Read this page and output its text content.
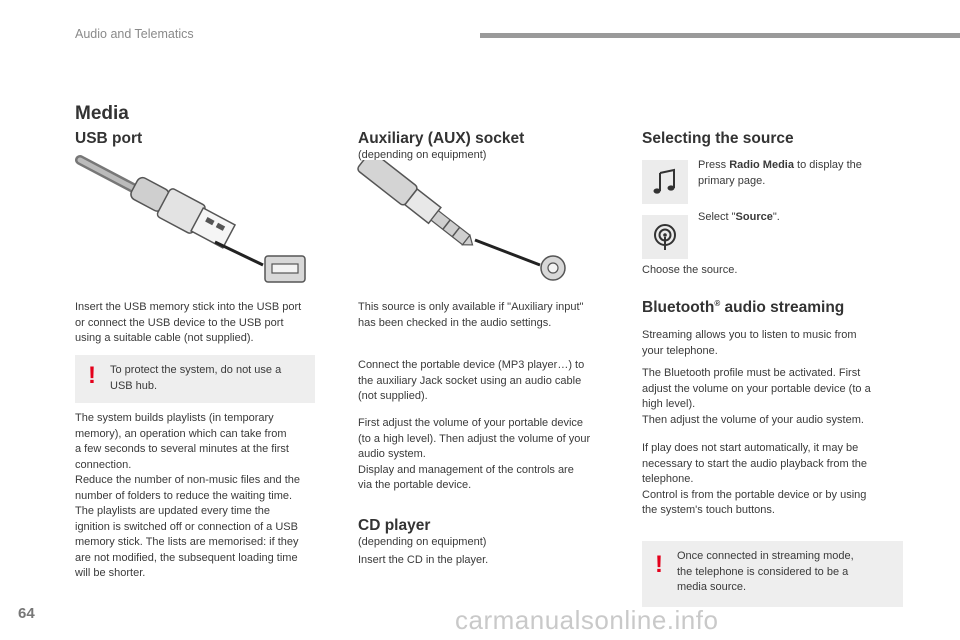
Audio and Telematics
Media
USB port
Insert the USB memory stick into the USB port
or connect the USB device to the USB port
using a suitable cable (not supplied).
! To protect the system, do not use a
USB hub.
The system builds playlists (in temporary
memory), an operation which can take from
a few seconds to several minutes at the first
connection.
Reduce the number of non-music files and the
number of folders to reduce the waiting time.
The playlists are updated every time the
ignition is switched off or connection of a USB
memory stick. The lists are memorised: if they
are not modified, the subsequent loading time
will be shorter.
Auxiliary (AUX) socket
(depending on equipment)
This source is only available if "Auxiliary input"
has been checked in the audio settings.
Connect the portable device (MP3 player…) to
the auxiliary Jack socket using an audio cable
(not supplied).
First adjust the volume of your portable device
(to a high level). Then adjust the volume of your
audio system.
Display and management of the controls are
via the portable device.
CD player
(depending on equipment)
Insert the CD in the player.
Selecting the source
Press Radio Media to display the
primary page.
Select "Source".
Choose the source.
Bluetooth® audio streaming
Streaming allows you to listen to music from
your telephone.
The Bluetooth profile must be activated. First
adjust the volume on your portable device (to a
high level).
Then adjust the volume of your audio system.
If play does not start automatically, it may be
necessary to start the audio playback from the
telephone.
Control is from the portable device or by using
the system's touch buttons.
! Once connected in streaming mode,
the telephone is considered to be a
media source.
64	carmanualsonline.info
